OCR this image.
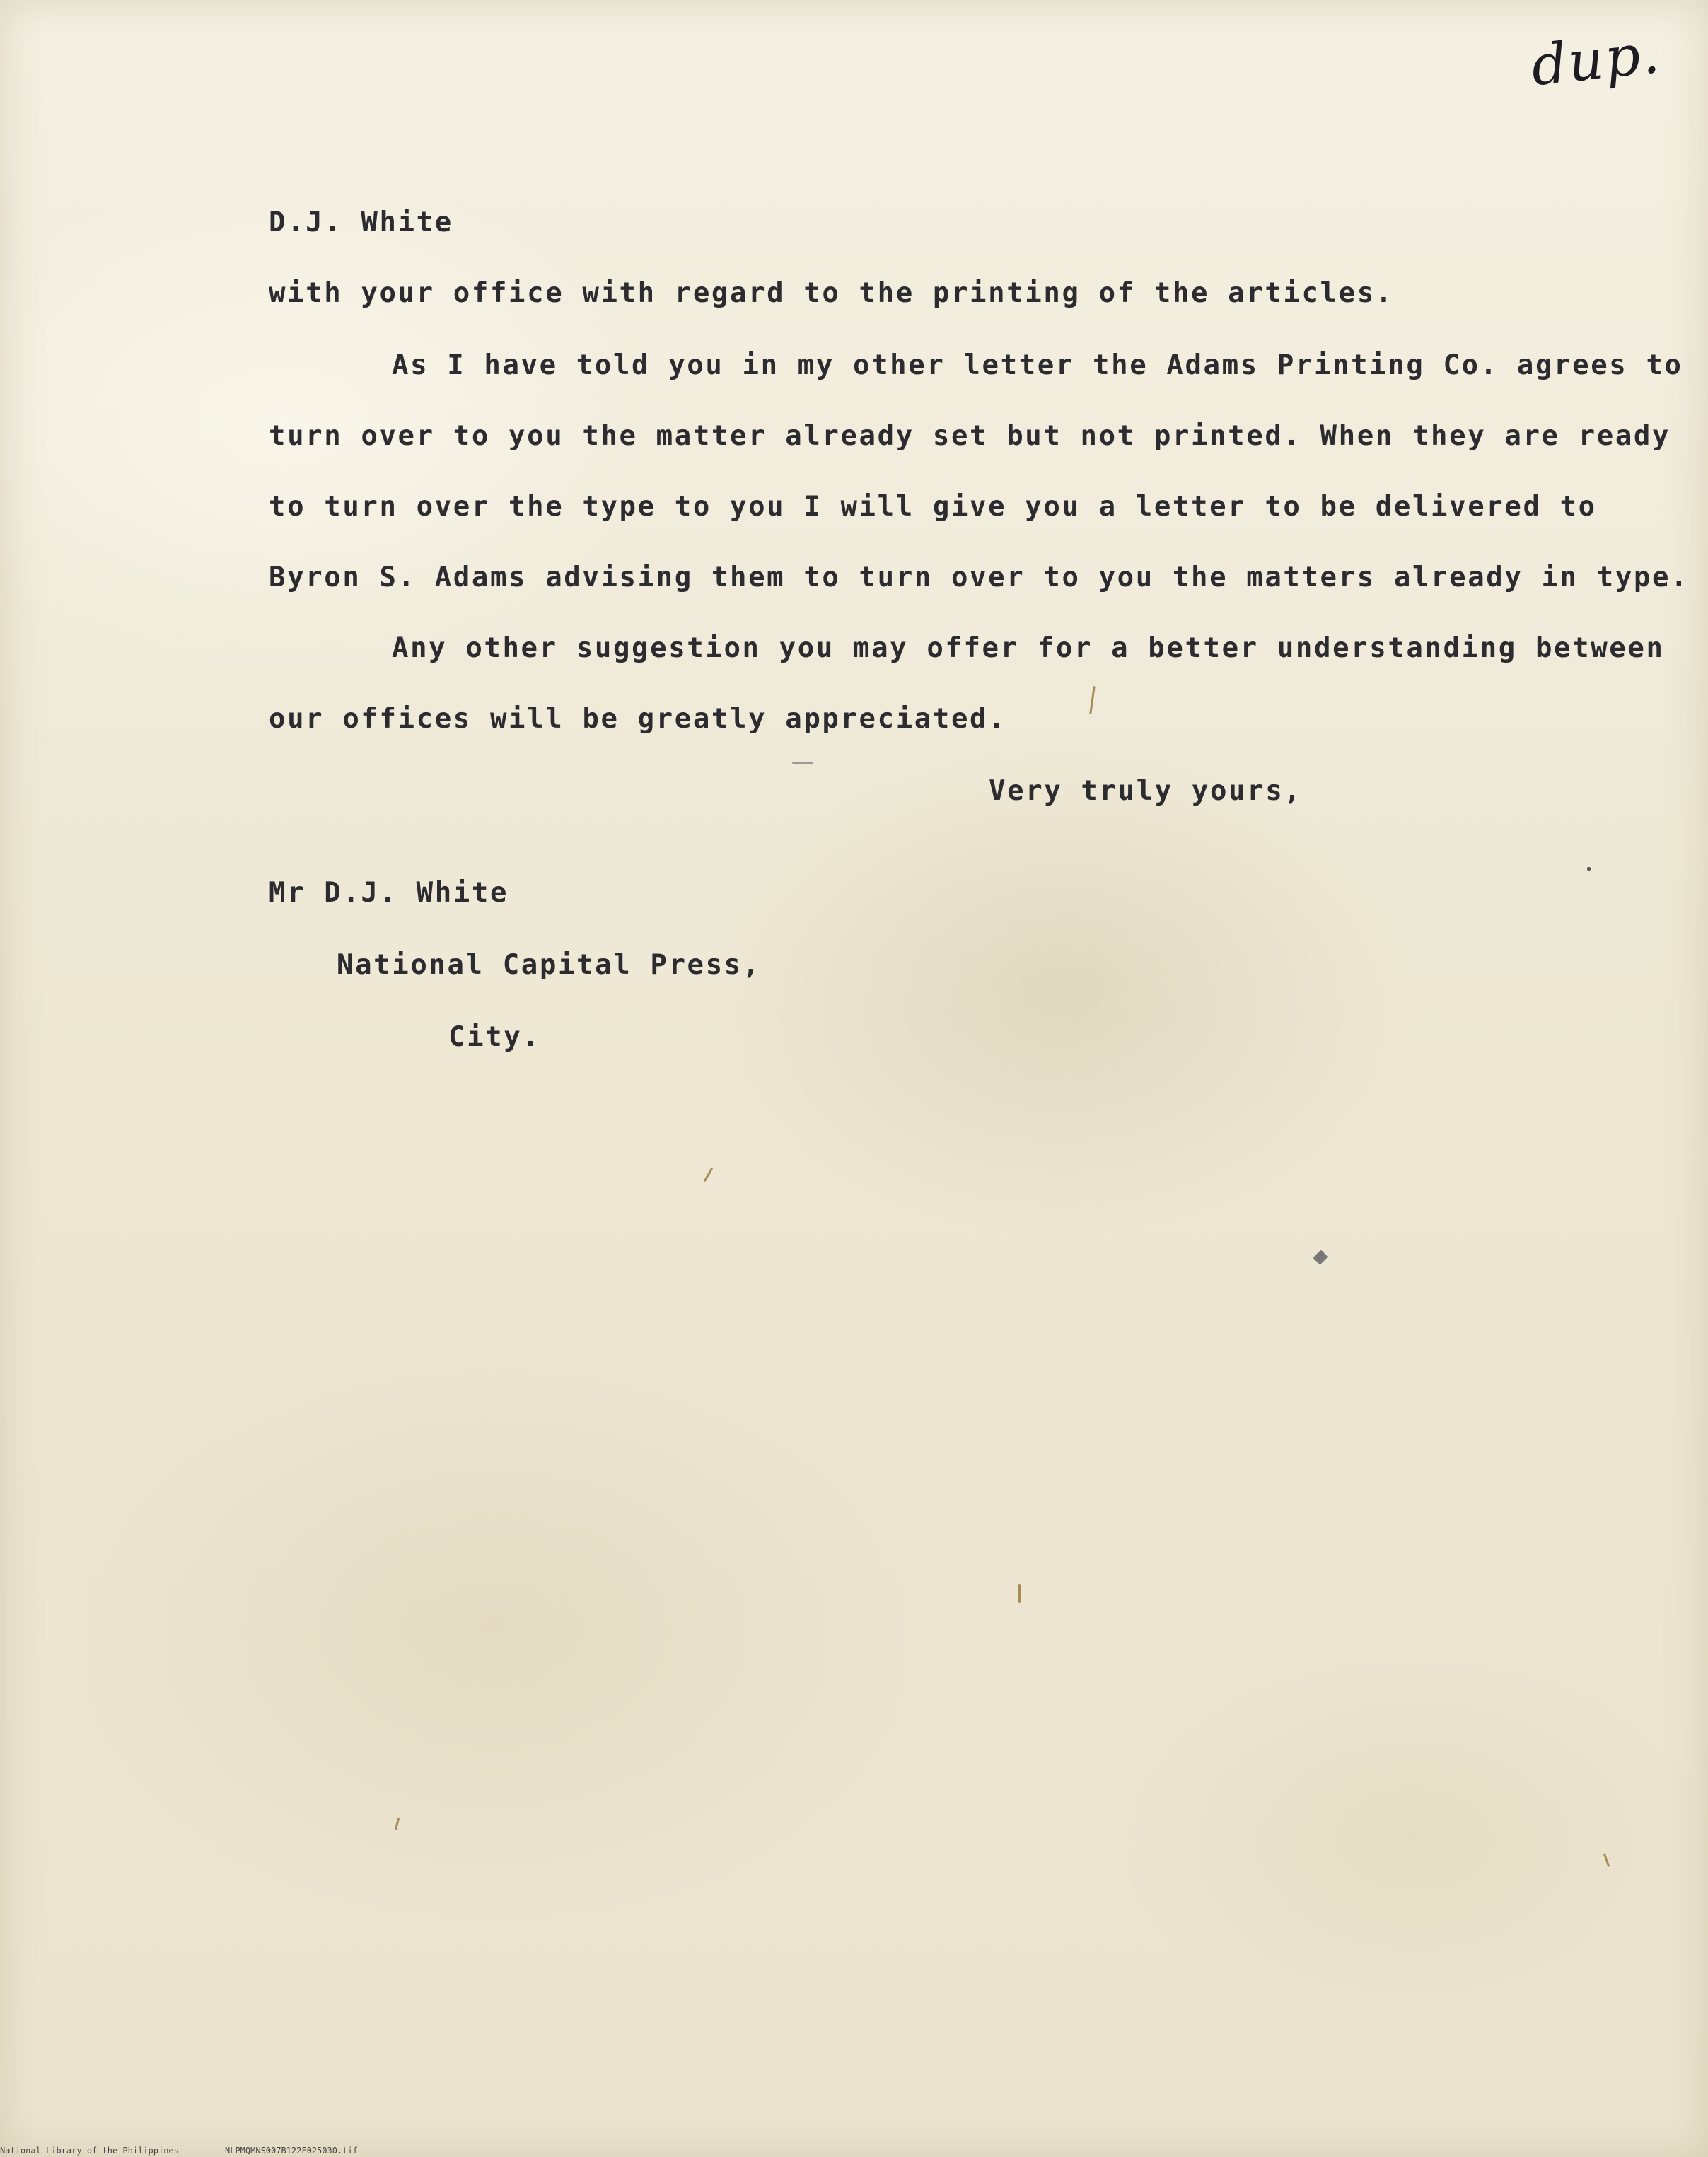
dup.
D.J. White
with your office with regard to the printing of the articles.
As I have told you in my other letter the Adams Printing Co. agrees to
turn over to you the matter already set but not printed. When they are ready
to turn over the type to you I will give you a letter to be delivered to
Byron S. Adams advising them to turn over to you the matters already in type.
Any other suggestion you may offer for a better understanding between
our offices will be greatly appreciated.
Very truly yours,
Mr D.J. White
National Capital Press,
City.
National Library of the Philippines	NLPMQMNS007B122F025030.tif
